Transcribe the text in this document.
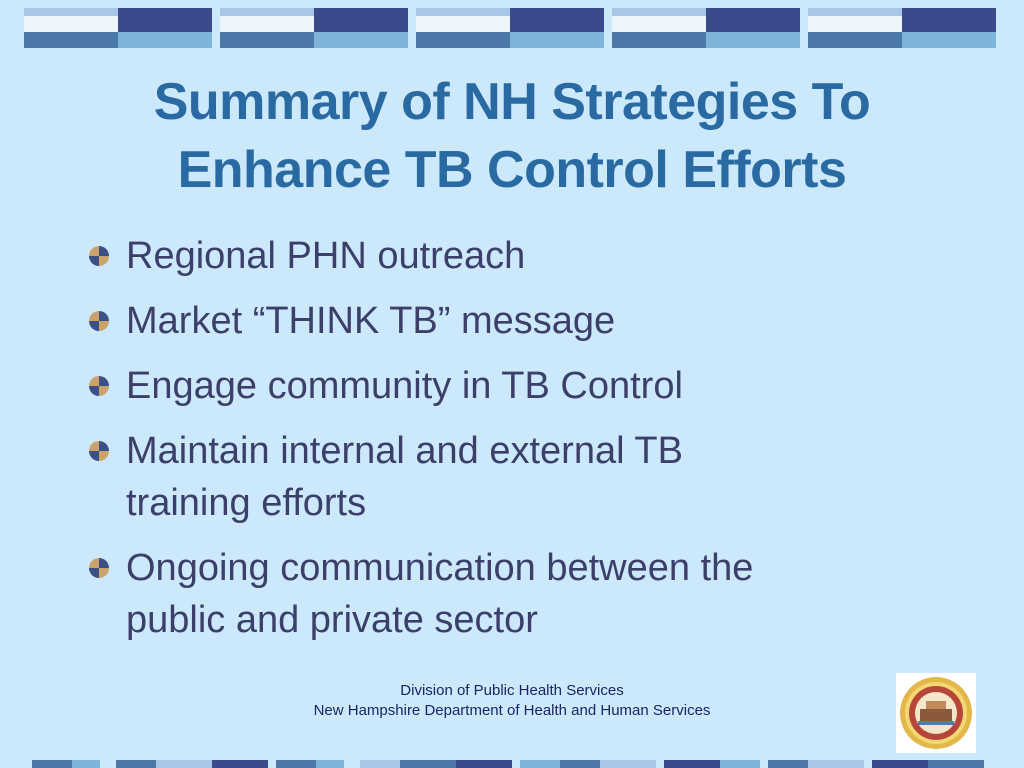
Summary of NH Strategies To
Enhance TB Control Efforts
Regional PHN outreach
Market “THINK TB” message
Engage community in TB Control
Maintain internal and external TB
training efforts
Ongoing communication between the
public and private sector
Division of Public Health Services
New Hampshire Department of Health and Human Services
